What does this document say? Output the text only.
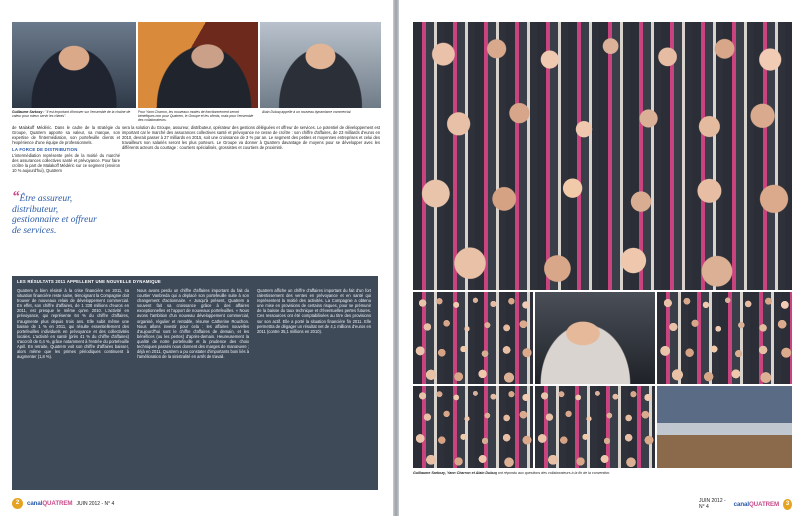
Guillaume Sarkozy : "Il est important d'innover sur l'ensemble de la chaîne de valeur pour mieux servir les clients".
Pour Yann Charron, les nouveaux modes de fonctionnement seront bénéfiques non pour Quatrem, le Groupe et les clients, mais pour l'ensemble des collaborateurs.
Alain Dubuq appelle à un nouveau dynamisme commercial.

de Malakoff Médéric. Dans le cadre de la stratégie du Groupe, Quatrem apporte sa valeur, sa marque, son expertise de l'intermédiation, son portefeuille clients et l'expérience d'une équipe de professionnels.

LA FORCE DE DISTRIBUTION

L'intermédiation représente près de la moitié du marché des assurances collectives santé et prévoyance. Pour faire croître la part de Malakoff Médéric sur ce segment (environ 10 % aujourd'hui), Quatrem

“Être assureur, distributeur, gestionnaire et offreur de services.

sera la solution du Groupe, assureur, distributeur, opérateur des gestions déléguées et offreur de services. Le potentiel de développement est important car le marché des assurances collectives santé et prévoyance ne cesse de croître : son chiffre d'affaires, de 23 milliards d'euros en 2010, devrait passer à 27 milliards en 2015, soit une croissance de 3 % par an. Le segment des petites et moyennes entreprises et celui des travailleurs non salariés seront les plus porteurs. Le Groupe va donner à Quatrem davantage de moyens pour se développer avec les différents acteurs du courtage : courtiers spécialisés, grossistes et courtiers de proximité.

LES RÉSULTATS 2011 APPELLENT UNE NOUVELLE DYNAMIQUE
Quatrem a bien résisté à la crise financière en 2011, sa situation financière reste saine, témoignant la Compagnie doit trouver de nouveaux relais de développement commercial. En effet, son chiffre d'affaires, de 1 338 millions d'euros en 2011, est presque le même qu'en 2010. L'activité en prévoyance, qui représente 64 % du chiffre d'affaires, n'augmente plus depuis trois ans. Elle subit même une baisse de 1 % en 2011, qui résulte essentiellement des portefeuilles individuels en prévoyance et des collectivités locales. L'activité en santé (près 41 % du chiffre d'affaires) s'accroît de 0,4 %, grâce notamment à l'entrée du portefeuille April. En retraite, Quatrem voit son chiffre d'affaires baisser, alors même que les primes périodiques continuent à augmenter (1,8 %).
Nous avons perdu un chiffre d'affaires important du fait du courtier Vanbreda qui a déplacé son portefeuille suite à son changement d'actionnaire. « Jusqu'à présent, Quatrem a souvent fait sa croissance grâce à des affaires exceptionnelles et l'apport de nouveaux portefeuilles. « Nous avons l'ambition d'un nouveau développement commercial, organisé, régulier et rentable, résume Catherine Rouchon. Nous allons investir pour cela : les affaires nouvelles d'aujourd'hui sont le chiffre d'affaires de demain, et les bénéfices (ou les pertes) d'après-demain. Heureusement la qualité de notre portefeuille et la prudence des choix techniques passés nous donnent des marges de manœuvre ; déjà en 2011, Quatrem a pu constater d'importants boni liés à l'amélioration de la sinistralité en arrêt de travail.
Quatrem affiche un chiffre d'affaires important du fait d'un fort ralentissement des ventes en prévoyance et en santé qui représentent la moitié des activités. La Compagnie a obtenu une mise en provisions de certains risques, pour se prémunir de la baisse du taux technique et d'éventuelles pertes futures. Ces ressources ont été comptabilisées au titre des provisions sur son actif. Elle a porté la situation financière fin 2011. Elle permettra de dégager un résultat net de 4,1 millions d'euros en 2011 (contre 35,1 millions en 2010).
2	canalQUATREM JUIN 2012 - N° 4
Guillaume Sarkozy, Yann Charron et Alain Dubuq ont répondu aux questions des collaborateurs à la fin de la convention.
JUIN 2012 - N° 4	canalQUATREM	3
